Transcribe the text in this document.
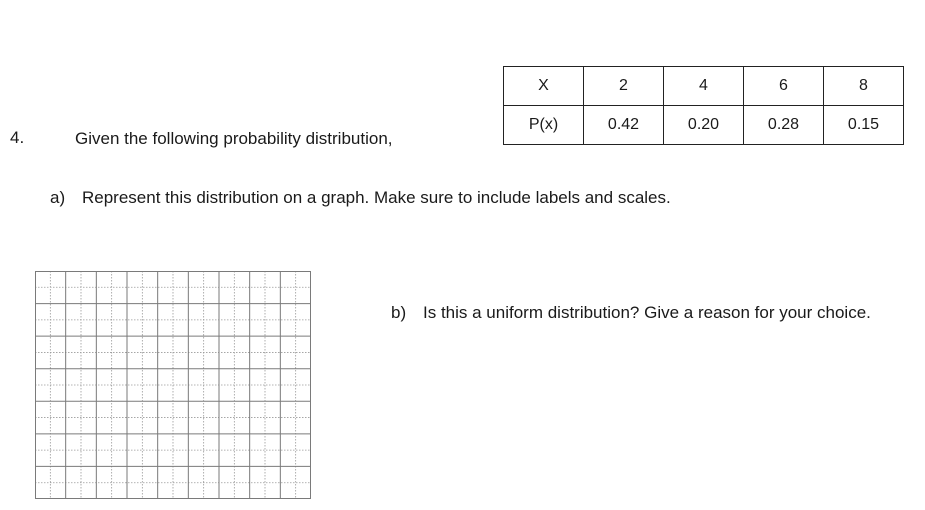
X	2	4	6	8
P(x)	0.42	0.20	0.28	0.15
4.	Given the following probability distribution,
a) Represent this distribution on a graph. Make sure to include labels and scales.
b) Is this a uniform distribution? Give a reason for your choice.
